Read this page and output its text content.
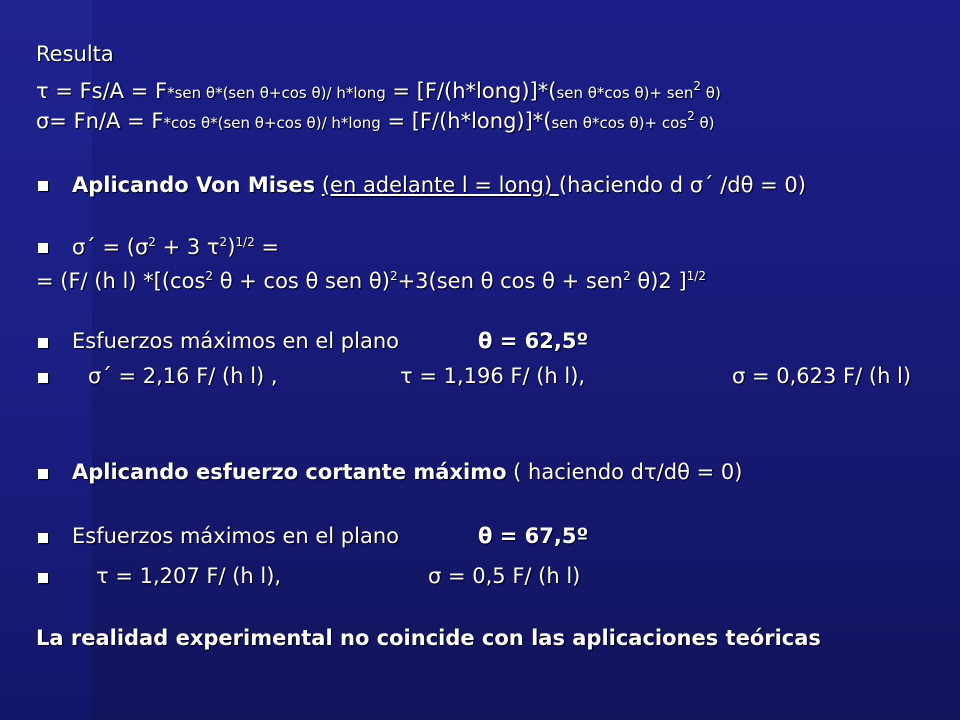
Resulta
τ = Fs/A = F*sen θ*(sen θ+cos θ)/ h*long = [F/(h*long)]*(sen θ*cos θ)+ sen$^2$ θ)
σ= Fn/A = F*cos θ*(sen θ+cos θ)/ h*long = [F/(h*long)]*(sen θ*cos $\theta)+ \cos^2 \theta$)
Aplicando Von Mises (en adelante l = long) (haciendo d σ´ /dθ = 0)
σ´ = ($\sigma^2 + 3$ $\tau^2)^{1/2}$ =
= (F/ (h l) $*[(\cos^2$ θ + cos θ sen θ)$^2$+3(sen θ cos θ + sen$^2$ θ)2 ]$^{1/2}$
Esfuerzos máximos en el plano	θ = 62,5º
σ´ = 2,16 F/ (h l) ,	τ = 1,196 F/ (h l),	σ = 0,623 F/ (h l)
Aplicando esfuerzo cortante máximo ( haciendo dτ/dθ = 0)
Esfuerzos máximos en el plano	θ = 67,5º
τ = 1,207 F/ (h l),	σ = 0,5 F/ (h l)
La realidad experimental no coincide con las aplicaciones teóricas
